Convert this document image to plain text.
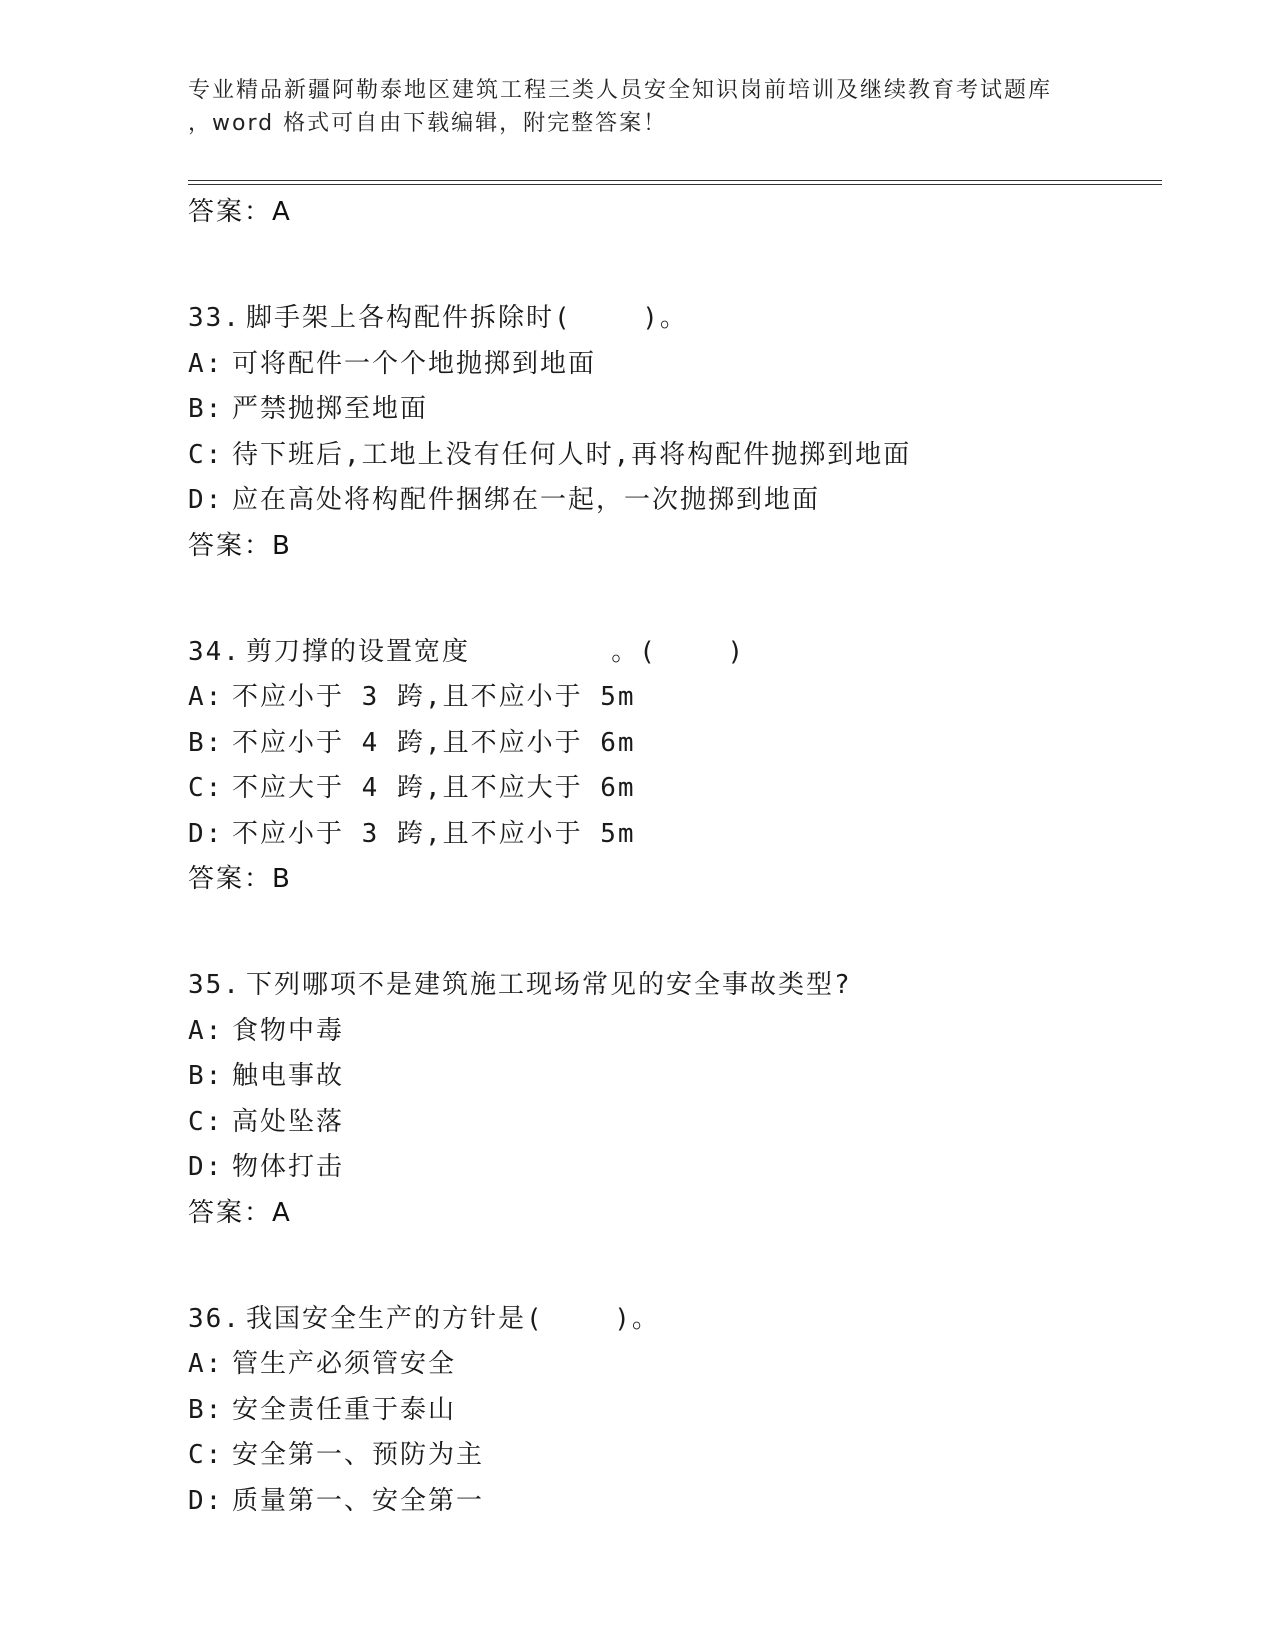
专业精品新疆阿勒泰地区建筑工程三类人员安全知识岗前培训及继续教育考试题库
，word 格式可自由下载编辑，附完整答案！
答案：A
33. 脚手架上各构配件拆除时(    )。
A: 可将配件一个个地抛掷到地面
B: 严禁抛掷至地面
C: 待下班后,工地上没有任何人时,再将构配件抛掷到地面
D: 应在高处将构配件捆绑在一起，一次抛掷到地面
答案：B
34. 剪刀撑的设置宽度        。(    )
A: 不应小于 3 跨,且不应小于 5m
B: 不应小于 4 跨,且不应小于 6m
C: 不应大于 4 跨,且不应大于 6m
D: 不应小于 3 跨,且不应小于 5m
答案：B
35. 下列哪项不是建筑施工现场常见的安全事故类型?
A: 食物中毒
B: 触电事故
C: 高处坠落
D: 物体打击
答案：A
36. 我国安全生产的方针是(    )。
A: 管生产必须管安全
B: 安全责任重于泰山
C: 安全第一、预防为主
D: 质量第一、安全第一
